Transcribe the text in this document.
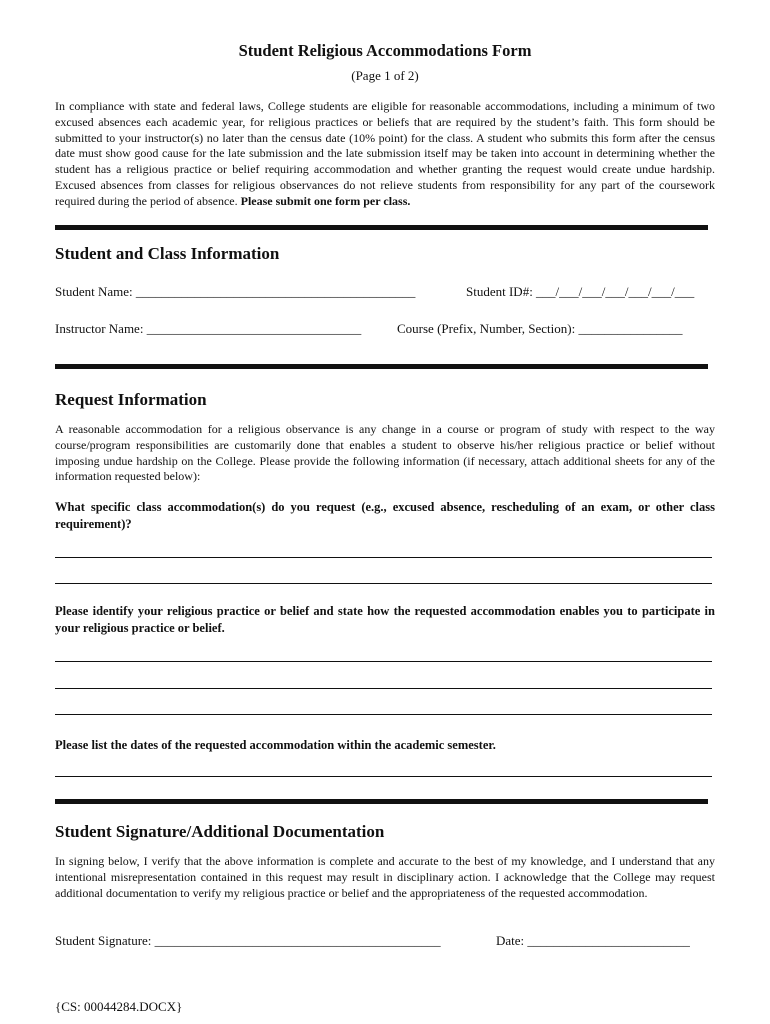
Student Religious Accommodations Form
(Page 1 of 2)
In compliance with state and federal laws, College students are eligible for reasonable accommodations, including a minimum of two excused absences each academic year, for religious practices or beliefs that are required by the student’s faith. This form should be submitted to your instructor(s) no later than the census date (10% point) for the class. A student who submits this form after the census date must show good cause for the late submission and the late submission itself may be taken into account in determining whether the student has a religious practice or belief requiring accommodation and whether granting the request would create undue hardship. Excused absences from classes for religious observances do not relieve students from responsibility for any part of the coursework required during the period of absence. Please submit one form per class.
Student and Class Information
Student Name: ___________________________________________	Student ID#: ___/___/___/___/___/___/___
Instructor Name: _________________________________	Course (Prefix, Number, Section): ________________
Request Information
A reasonable accommodation for a religious observance is any change in a course or program of study with respect to the way course/program responsibilities are customarily done that enables a student to observe his/her religious practice or belief without imposing undue hardship on the College. Please provide the following information (if necessary, attach additional sheets for any of the information requested below):
What specific class accommodation(s) do you request (e.g., excused absence, rescheduling of an exam, or other class requirement)?
Please identify your religious practice or belief and state how the requested accommodation enables you to participate in your religious practice or belief.
Please list the dates of the requested accommodation within the academic semester.
Student Signature/Additional Documentation
In signing below, I verify that the above information is complete and accurate to the best of my knowledge, and I understand that any intentional misrepresentation contained in this request may result in disciplinary action. I acknowledge that the College may request additional documentation to verify my religious practice or belief and the appropriateness of the requested accommodation.
Student Signature: ____________________________________________	Date: _________________________
{CS: 00044284.DOCX}
